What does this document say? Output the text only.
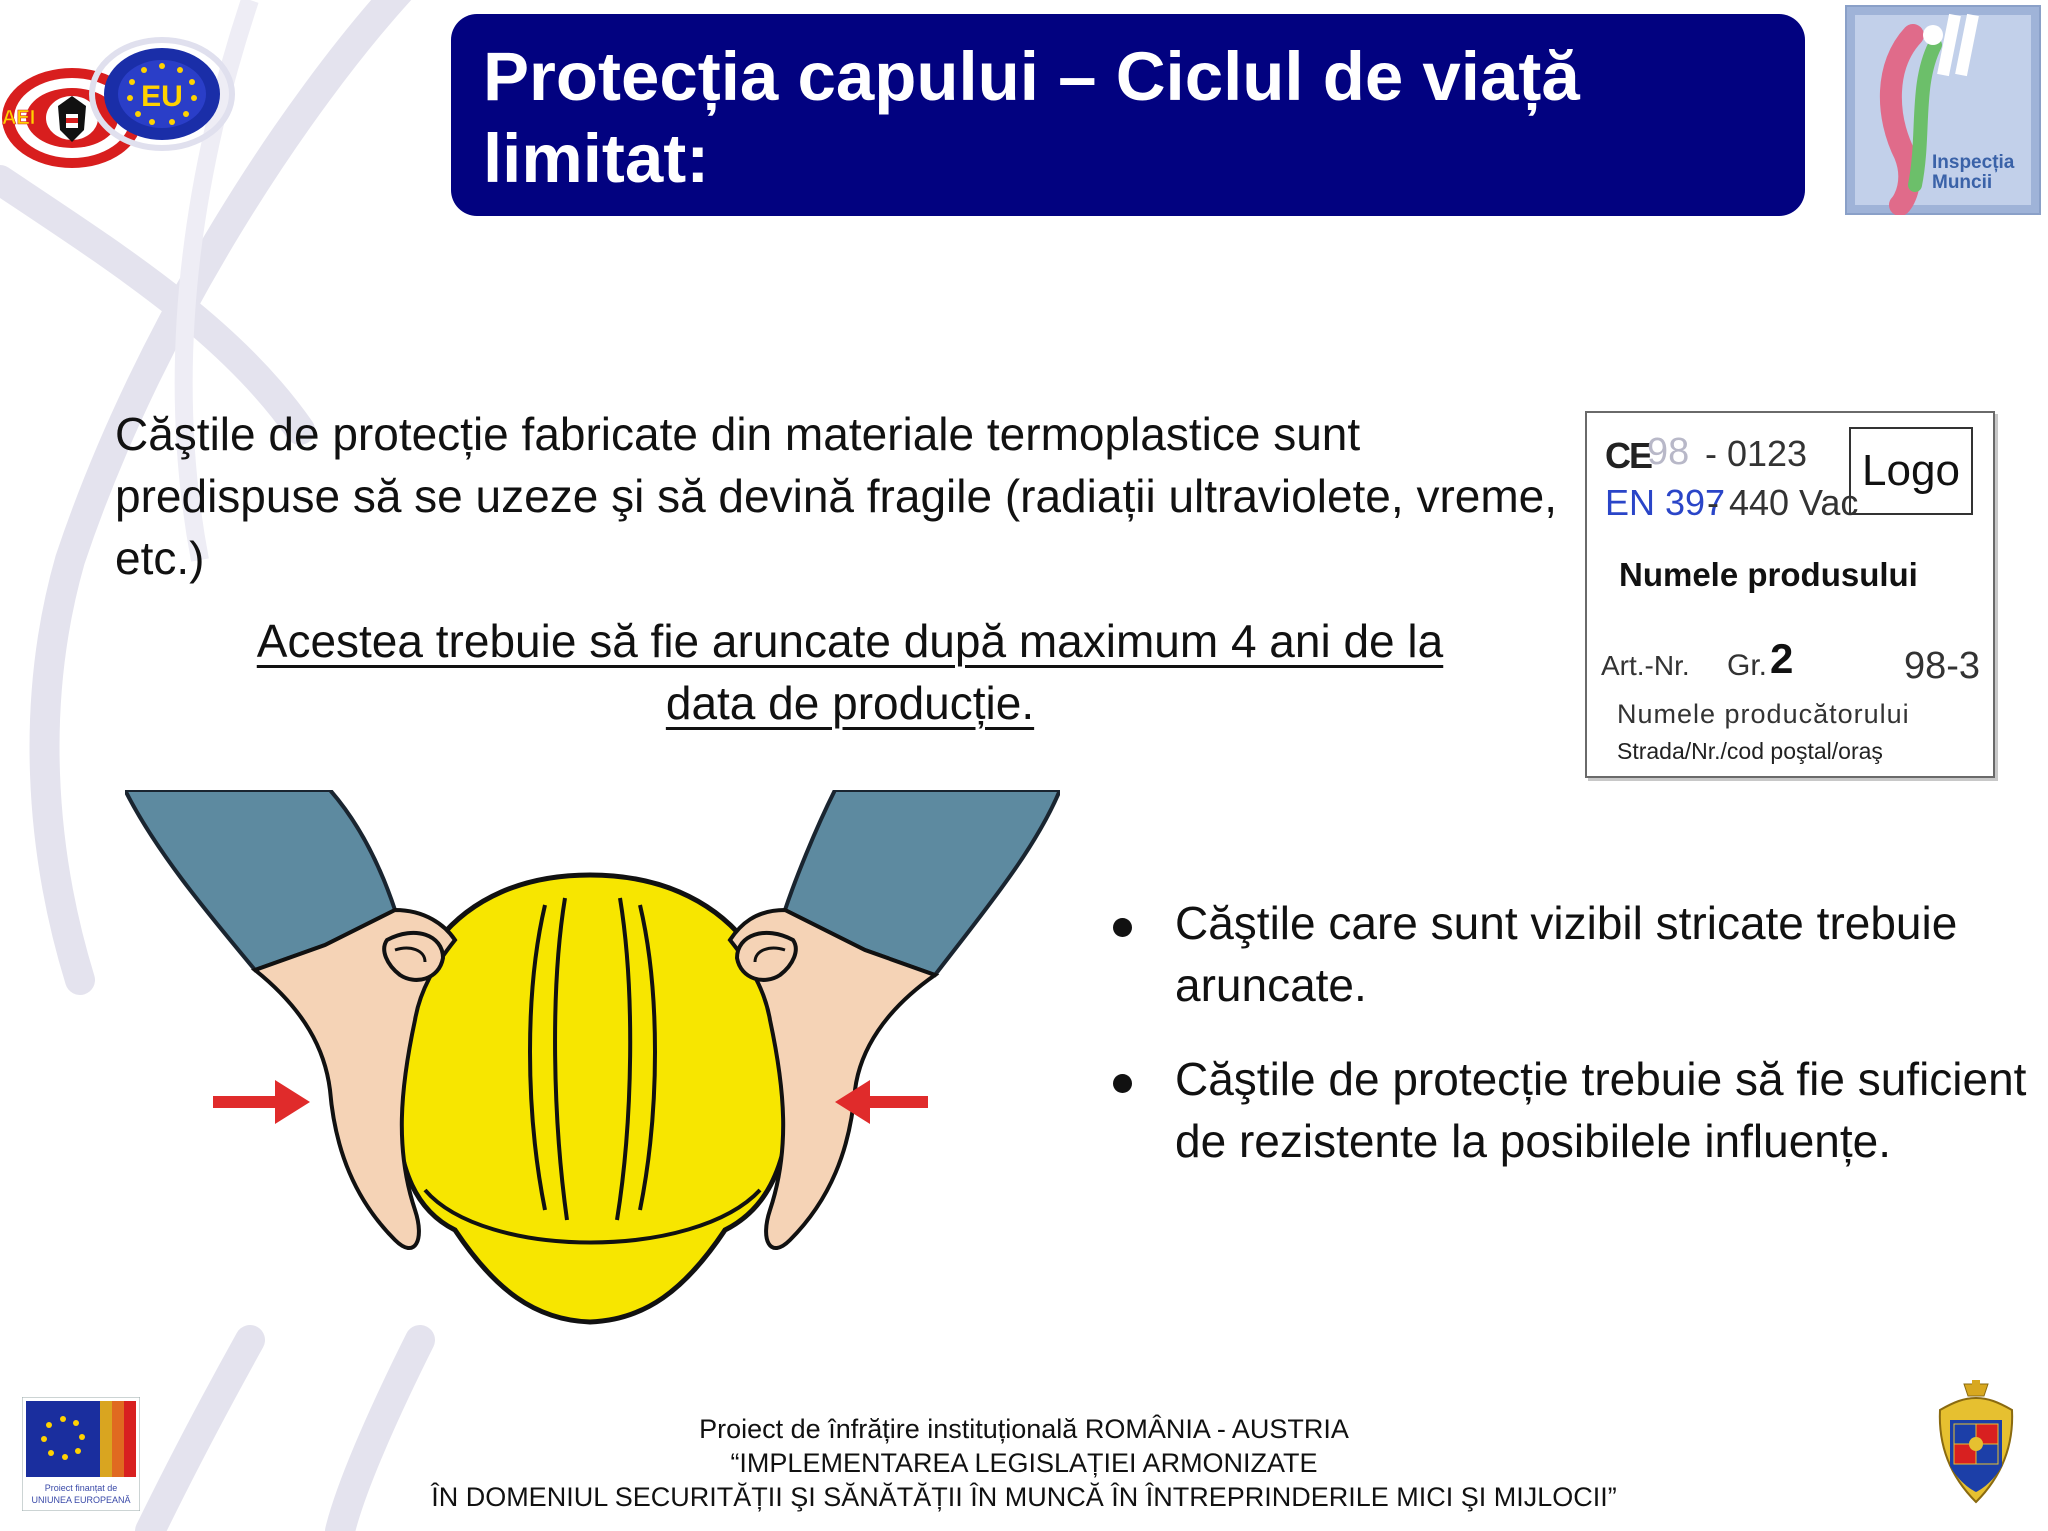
EU
AEI
Protecția capului – Ciclul de viață
limitat:	Inspecția
Muncii
Căştile de protecție fabricate din materiale termoplastice sunt predispuse să se uzeze şi să devină fragile (radiații ultraviolete, vreme, etc.)
Acestea trebuie să fie aruncate după maximum 4 ani de la
data de producție.
CE
98 - 0123
EN 397
- 440 Vac
Logo
Numele produsului
Art.-Nr. Gr. 2	98-3
Numele producătorului
Strada/Nr./cod poştal/oraş
Căştile care sunt vizibil stricate trebuie aruncate.
Căştile de protecție trebuie să fie suficient de rezistente la posibilele influențe.
Proiect finanțat de
UNIUNEA EUROPEANĂ
Proiect de înfrățire instituțională ROMÂNIA - AUSTRIA
“IMPLEMENTAREA LEGISLAȚIEI ARMONIZATE
ÎN DOMENIUL SECURITĂȚII ŞI SĂNĂTĂȚII ÎN MUNCĂ ÎN ÎNTREPRINDERILE MICI ŞI MIJLOCII”
